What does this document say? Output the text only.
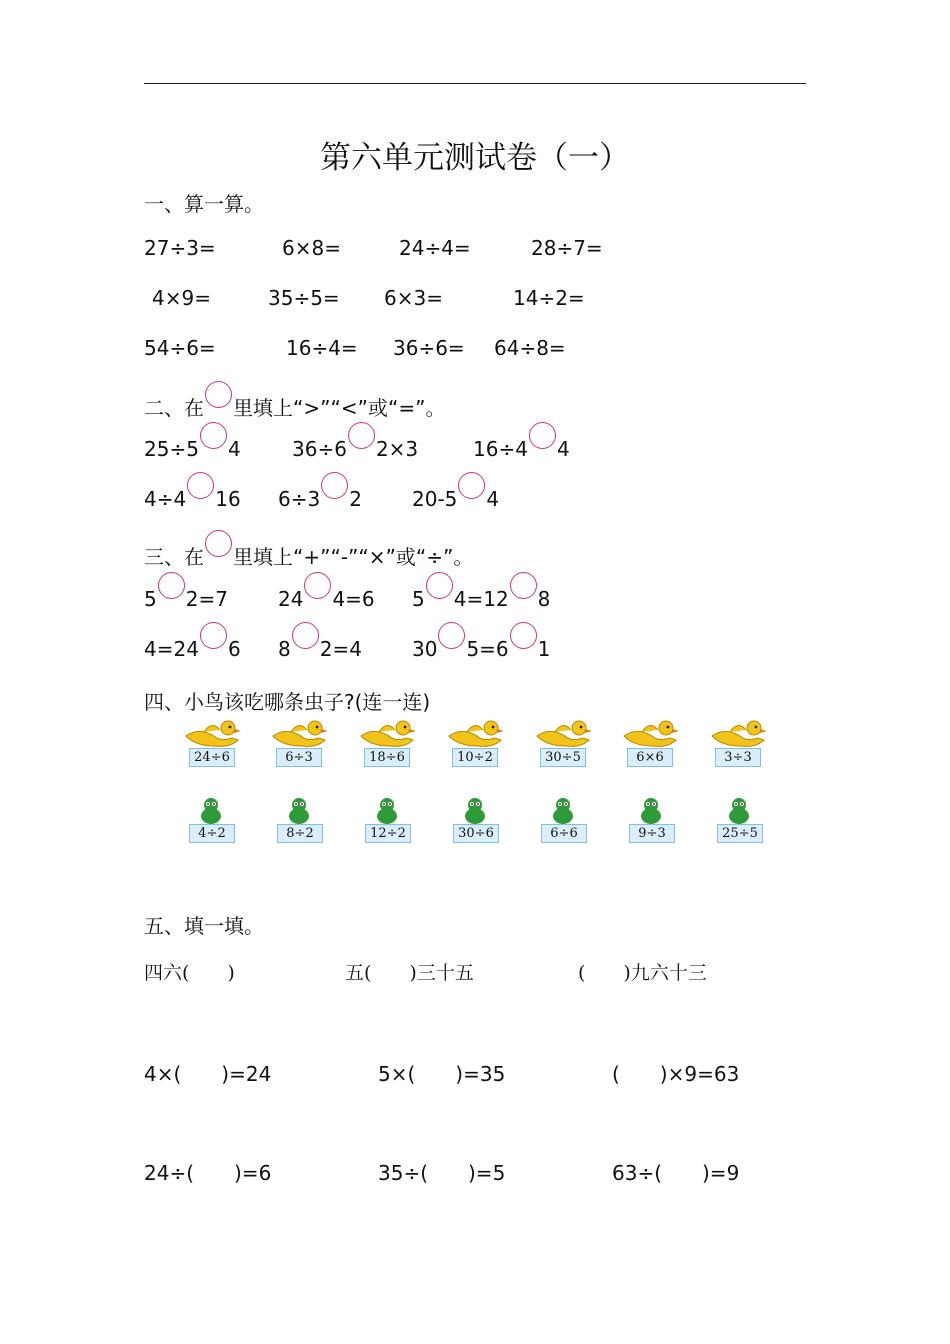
第六单元测试卷（一）
一、算一算。
27÷3=	6×8=	24÷4=	28÷7=
4×9=	35÷5= 6×3=	14÷2=
54÷6=	16÷4= 36÷6= 64÷8=
二、在 里填上“>”“<”或“=”。
25÷5 4	36÷6 2×3	16÷4 4
4÷4 16 6÷3 2	20-5 4
三、在 里填上“+”“-”“×”或“÷”。
5 2=7	24 4=6 5 4=12 8
4=24 6 8 2=4	30 5=6 1
四、小鸟该吃哪条虫子?(连一连)
24÷6	6÷3	18÷6	10÷2	30÷5	6×6	3÷3
4÷2	8÷2	12÷2	30÷6	6÷6	9÷3	25÷5
五、填一填。
四六(　　)	五(　　)三十五	(　　)九六十三
4×(　　)=24	5×(　　)=35	(　　)×9=63
24÷(　　)=6	35÷(　　)=5	63÷(　　)=9
